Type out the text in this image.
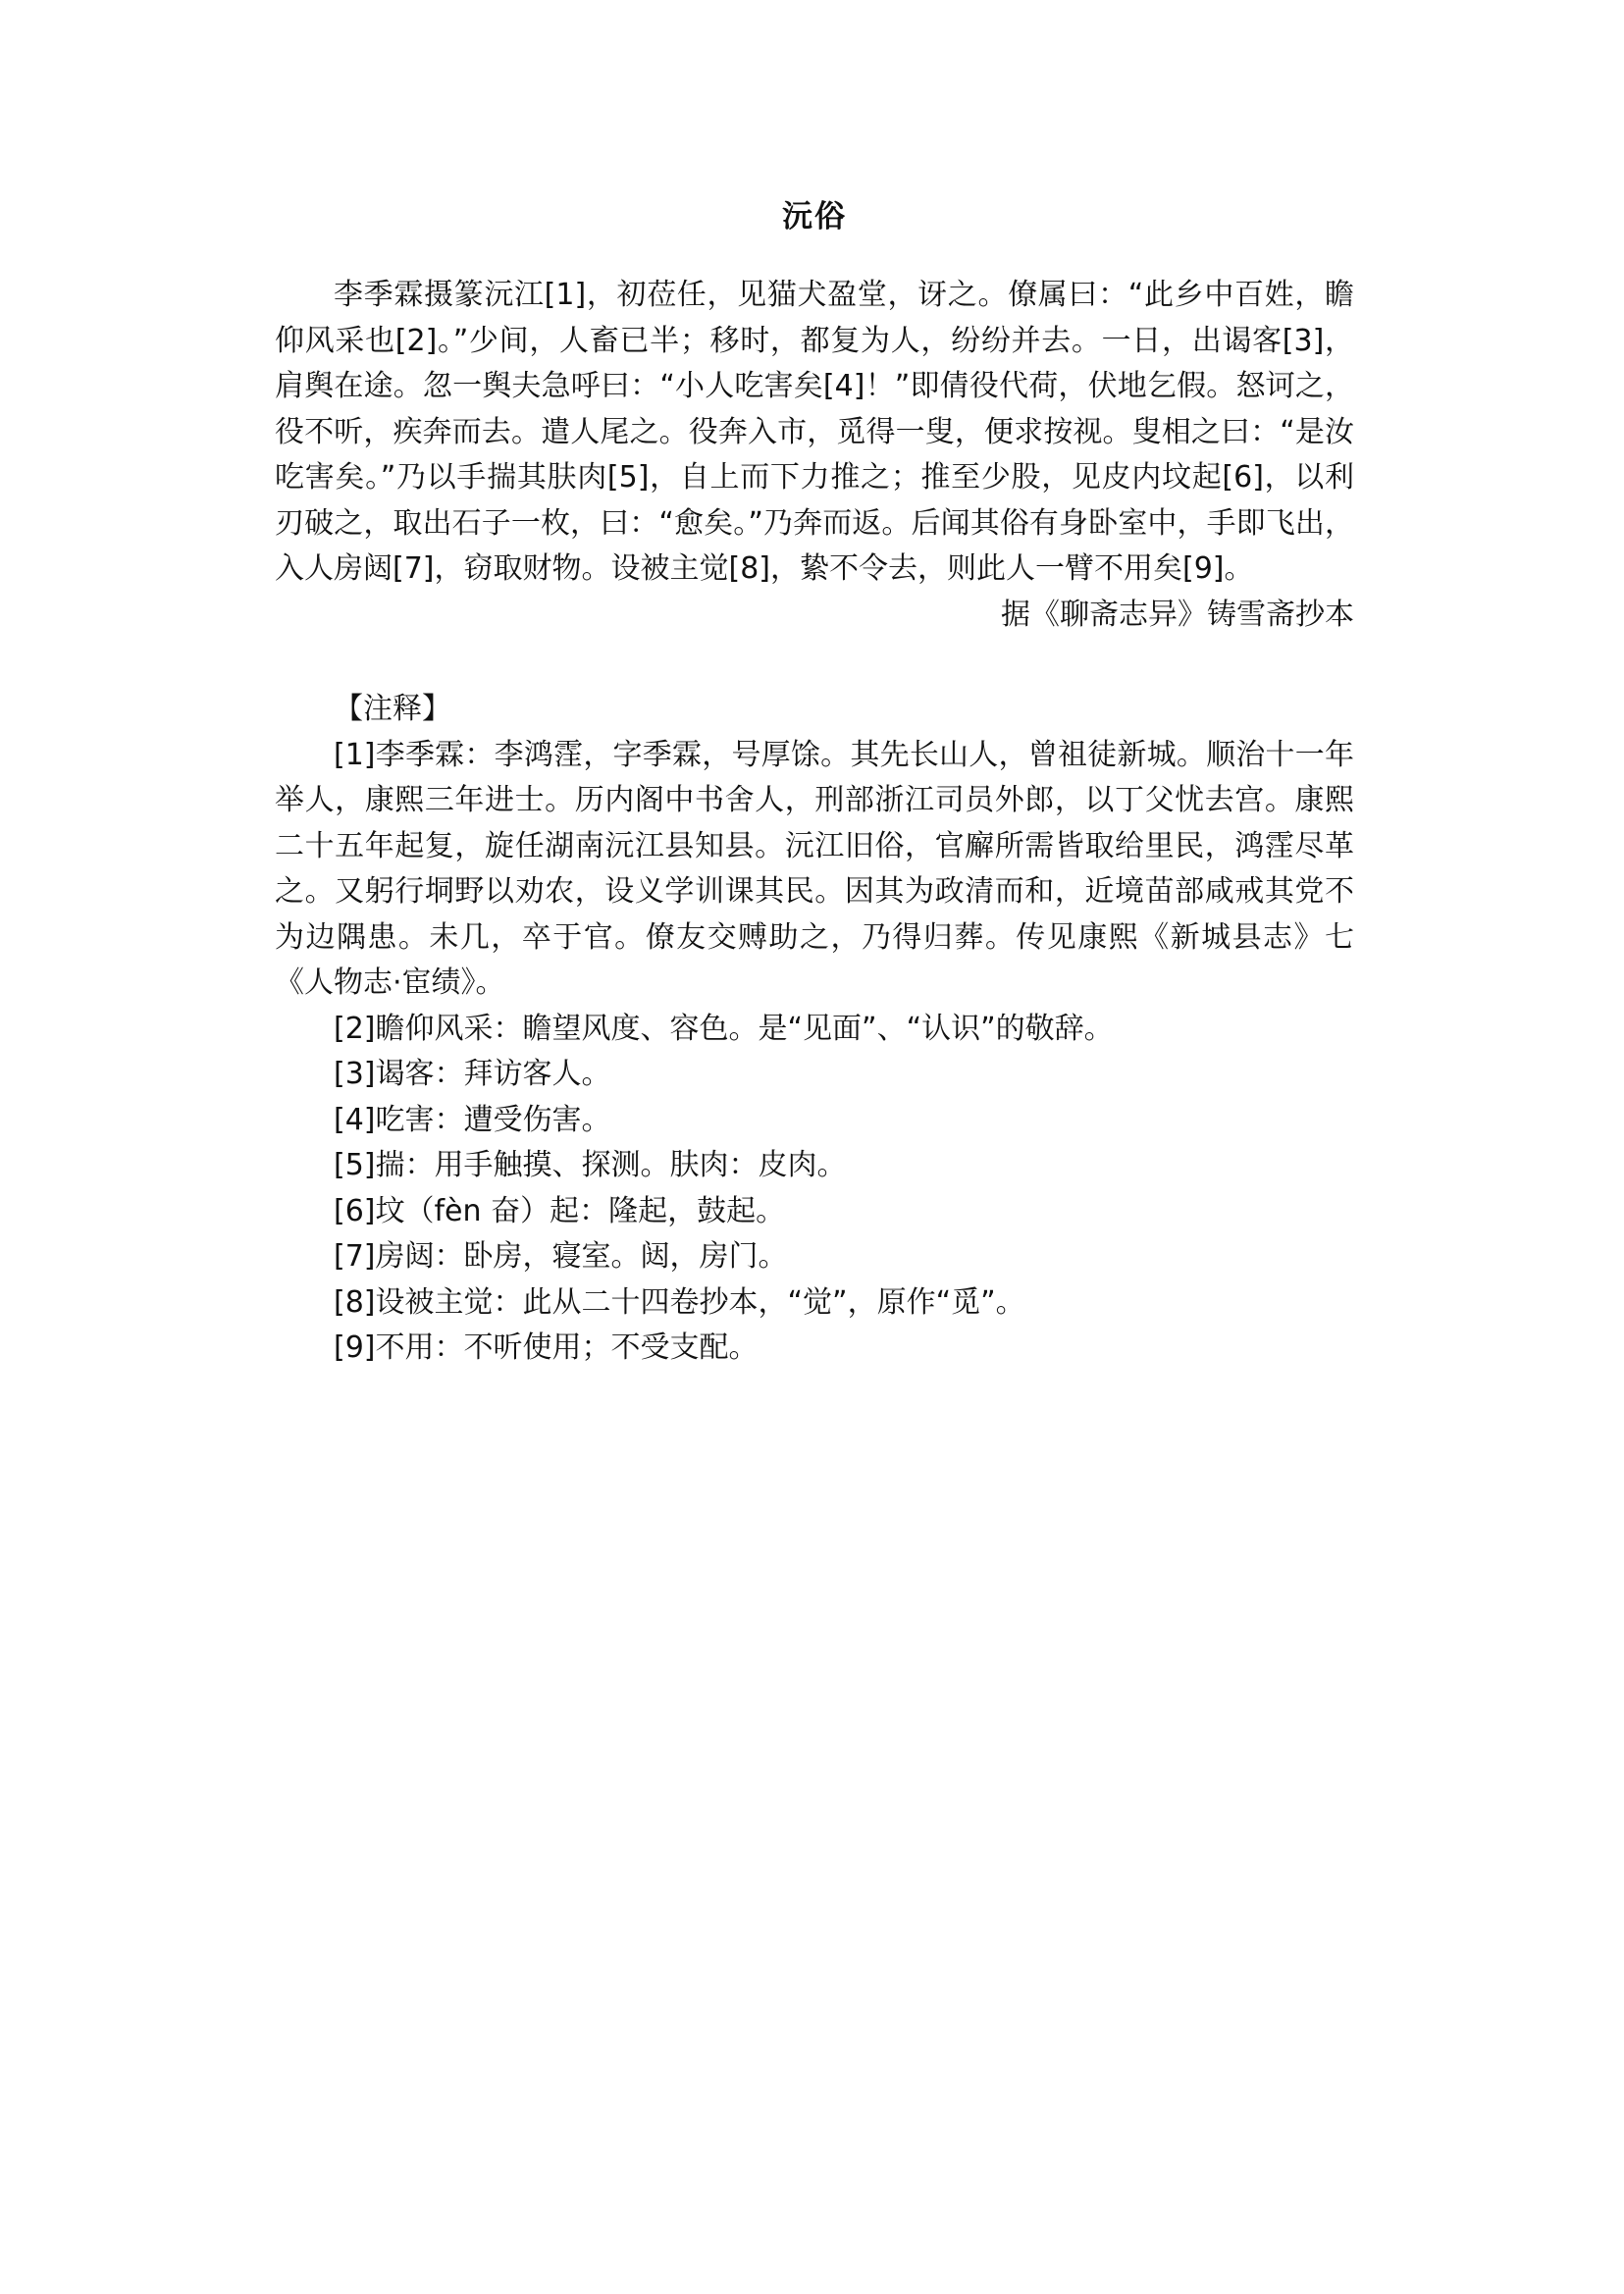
沅俗

李季霖摄篆沅江[1]，初莅任，见猫犬盈堂，讶之。僚属曰：“此乡中百姓，瞻仰风采也[2]。”少间，人畜已半；移时，都复为人，纷纷并去。一日，出谒客[3]，肩舆在途。忽一舆夫急呼曰：“小人吃害矣[4]！”即倩役代荷，伏地乞假。怒诃之，役不听，疾奔而去。遣人尾之。役奔入市，觅得一叟，便求按视。叟相之曰：“是汝吃害矣。”乃以手揣其肤肉[5]，自上而下力推之；推至少股，见皮内坟起[6]，以利刃破之，取出石子一枚，曰：“愈矣。”乃奔而返。后闻其俗有身卧室中，手即飞出，入人房闼[7]，窃取财物。设被主觉[8]，絷不令去，则此人一臂不用矣[9]。

据《聊斋志异》铸雪斋抄本

【注释】

[1]李季霖：李鸿霔，字季霖，号厚馀。其先长山人，曾祖徒新城。顺治十一年举人，康熙三年进士。历内阁中书舍人，刑部浙江司员外郎，以丁父忧去宫。康熙二十五年起复，旋任湖南沅江县知县。沅江旧俗，官廨所需皆取给里民，鸿霔尽革之。又躬行垌野以劝农，设义学训课其民。因其为政清而和，近境苗部咸戒其党不为边隅患。未几，卒于官。僚友交赙助之，乃得归葬。传见康熙《新城县志》七《人物志·宦绩》。

[2]瞻仰风采：瞻望风度、容色。是“见面”、“认识”的敬辞。

[3]谒客：拜访客人。

[4]吃害：遭受伤害。

[5]揣：用手触摸、探测。肤肉：皮肉。

[6]坟（fèn 奋）起：隆起，鼓起。

[7]房闼：卧房，寝室。闼，房门。

[8]设被主觉：此从二十四卷抄本，“觉”，原作“觅”。

[9]不用：不听使用；不受支配。
